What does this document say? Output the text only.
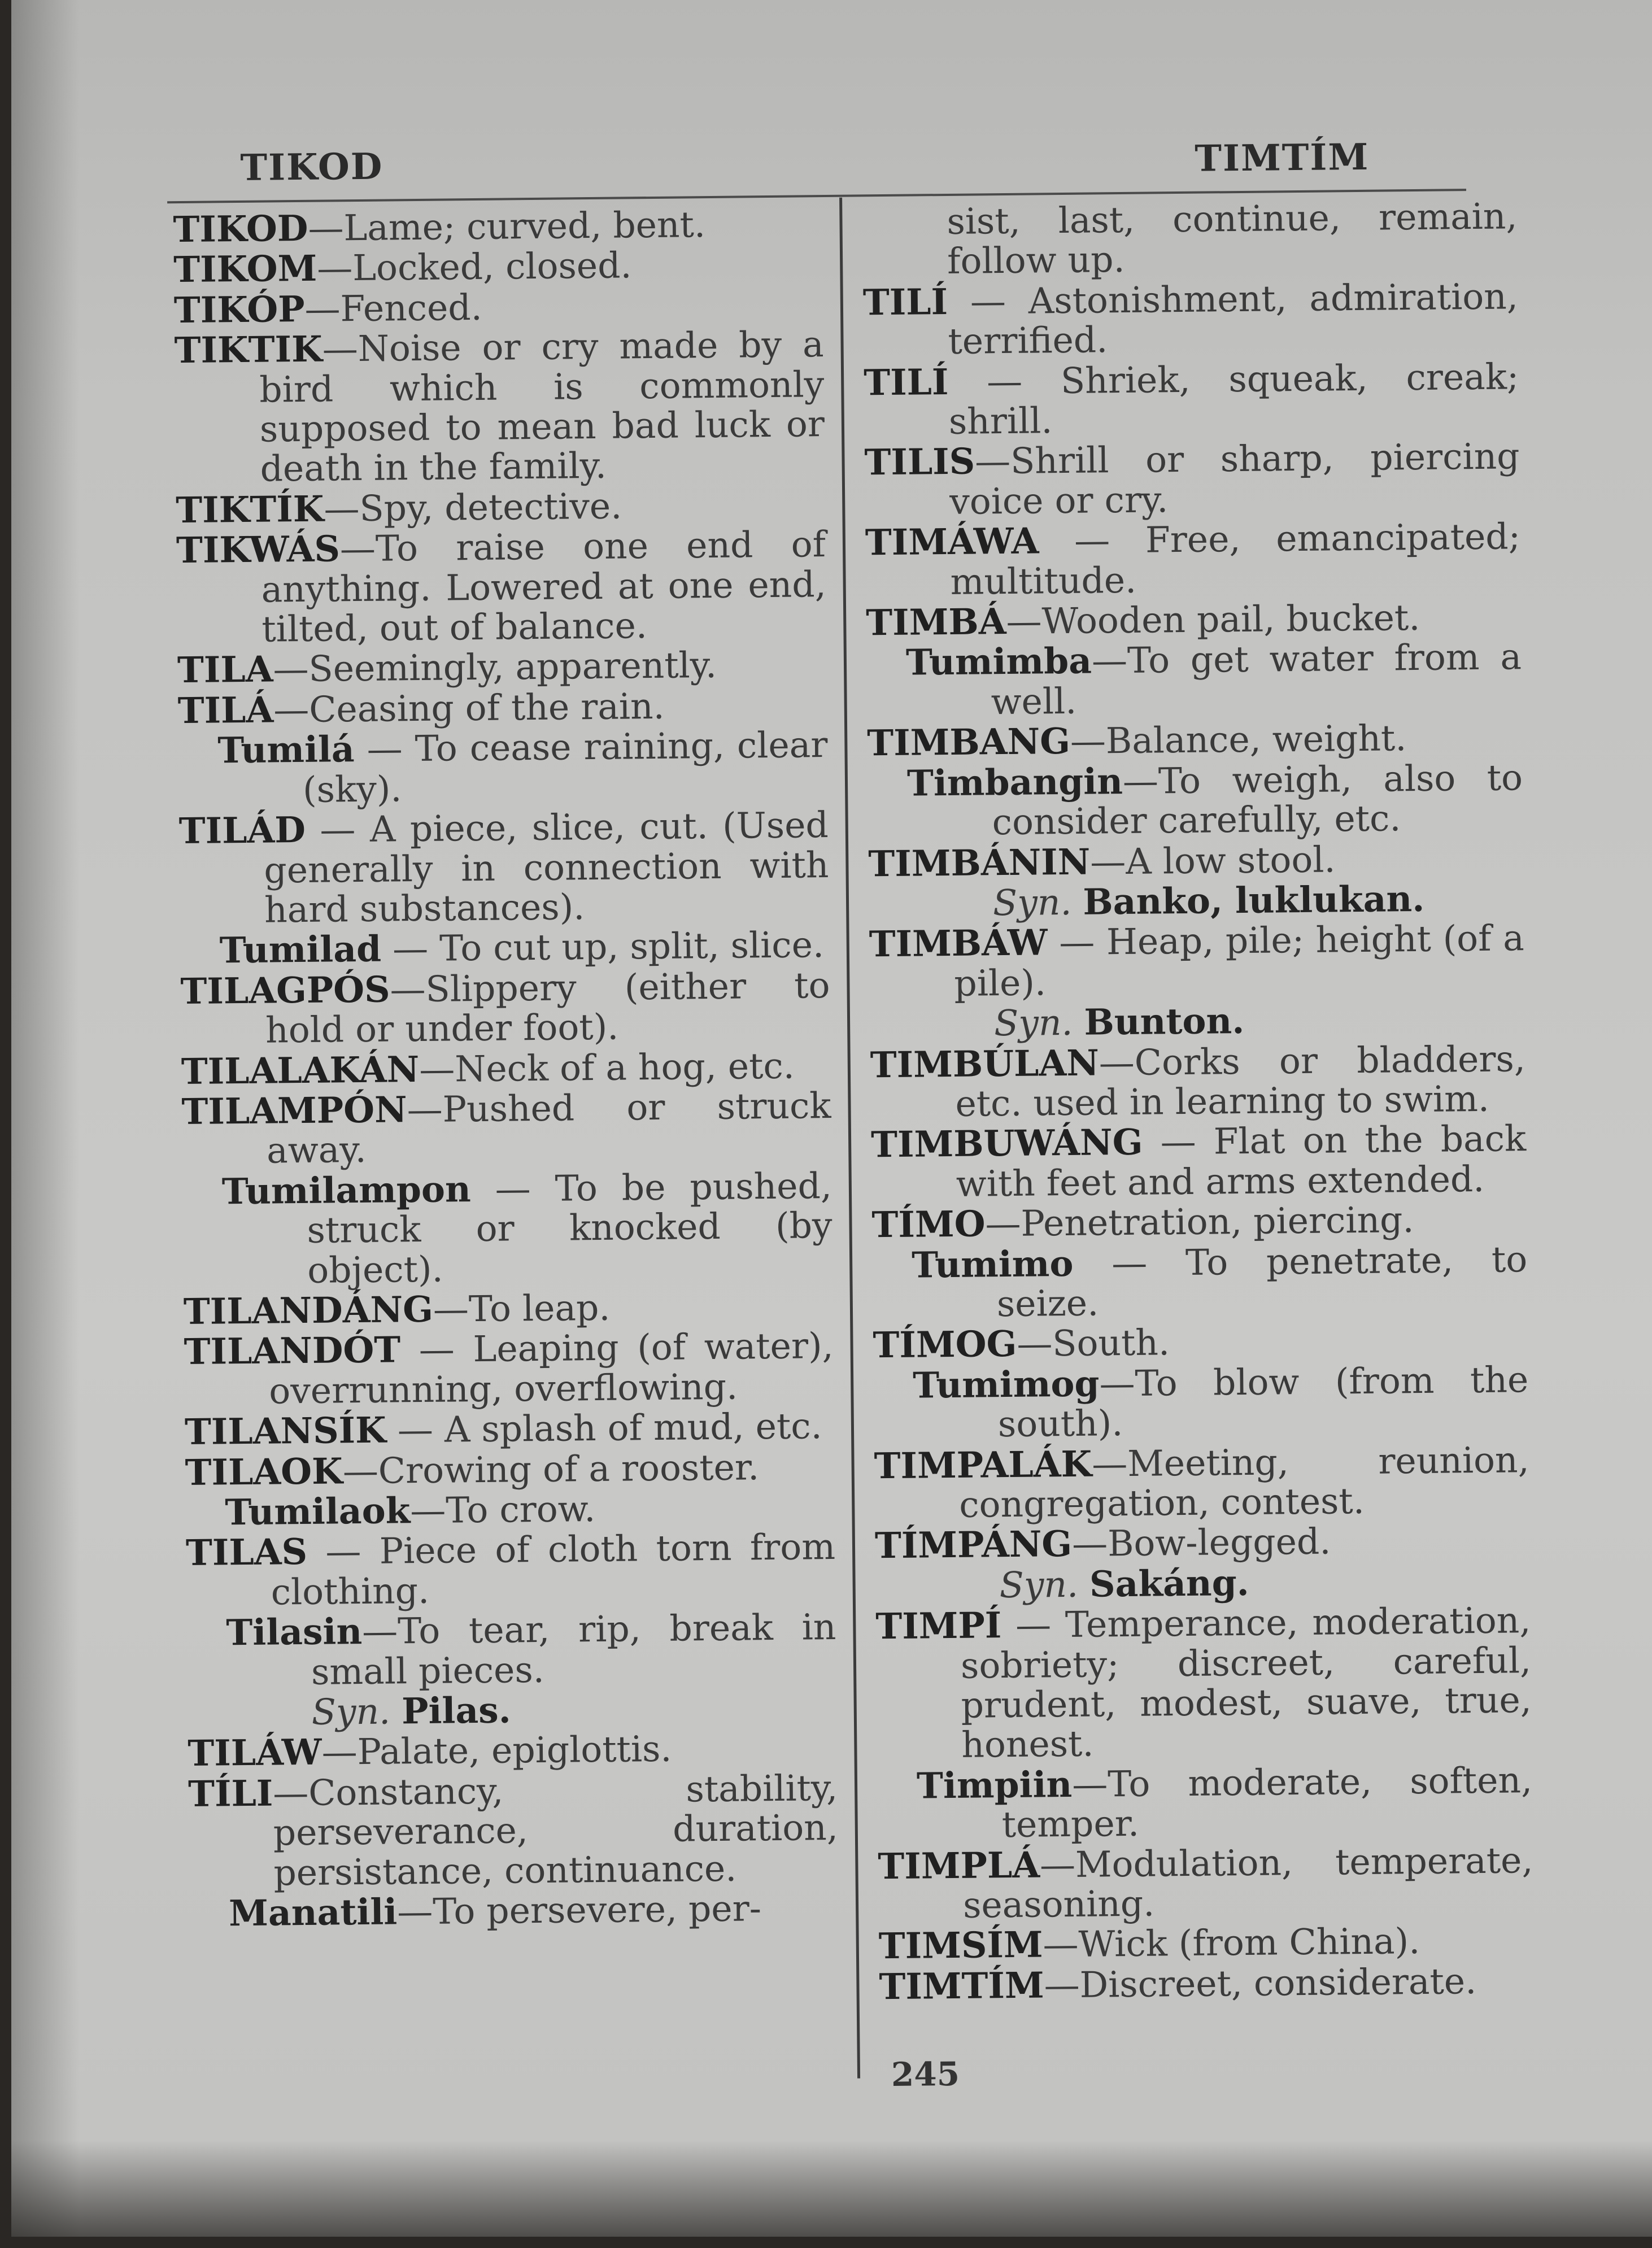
TIKOD	TIMTÍM

TIKOD—Lame; curved, bent.

TIKOM—Locked, closed.

TIKÓP—Fenced.

TIKTIK—Noise or cry made by a bird which is commonly supposed to mean bad luck or death in the family.

TIKTÍK—Spy, detective.

TIKWÁS—To raise one end of anything. Lowered at one end, tilted, out of balance.

TILA—Seemingly, apparently.

TILÁ—Ceasing of the rain.

Tumilá — To cease raining, clear (sky).

TILÁD — A piece, slice, cut. (Used generally in connection with hard substances).

Tumilad — To cut up, split, slice.

TILAGPÓS—Slippery (either to hold or under foot).

TILALAKÁN—Neck of a hog, etc.

TILAMPÓN—Pushed or struck away.

Tumilampon — To be pushed, struck or knocked (by object).

TILANDÁNG—To leap.

TILANDÓT — Leaping (of water), overrunning, overflowing.

TILANSÍK — A splash of mud, etc.

TILAOK—Crowing of a rooster.

Tumilaok—To crow.

TILAS — Piece of cloth torn from clothing.

Tilasin—To tear, rip, break in small pieces.

Syn. Pilas.

TILÁW—Palate, epiglottis.

TÍLI—Constancy, stability, perseverance, duration, persistance, continuance.

Manatili—To persevere, per-

sist, last, continue, remain, follow up.

TILÍ — Astonishment, admiration, terrified.

TILÍ — Shriek, squeak, creak; shrill.

TILIS—Shrill or sharp, piercing voice or cry.

TIMÁWA — Free, emancipated; multitude.

TIMBÁ—Wooden pail, bucket.

Tumimba—To get water from a well.

TIMBANG—Balance, weight.

Timbangin—To weigh, also to consider carefully, etc.

TIMBÁNIN—A low stool.

Syn. Banko, luklukan.

TIMBÁW — Heap, pile; height (of a pile).

Syn. Bunton.

TIMBÚLAN—Corks or bladders, etc. used in learning to swim.

TIMBUWÁNG — Flat on the back with feet and arms extended.

TÍMO—Penetration, piercing.

Tumimo — To penetrate, to seize.

TÍMOG—South.

Tumimog—To blow (from the south).

TIMPALÁK—Meeting, reunion, congregation, contest.

TÍMPÁNG—Bow-legged.

Syn. Sakáng.

TIMPÍ — Temperance, moderation, sobriety; discreet, careful, prudent, modest, suave, true, honest.

Timpiin—To moderate, soften, temper.

TIMPLÁ—Modulation, temperate, seasoning.

TIMSÍM—Wick (from China).

TIMTÍM—Discreet, considerate.

245
